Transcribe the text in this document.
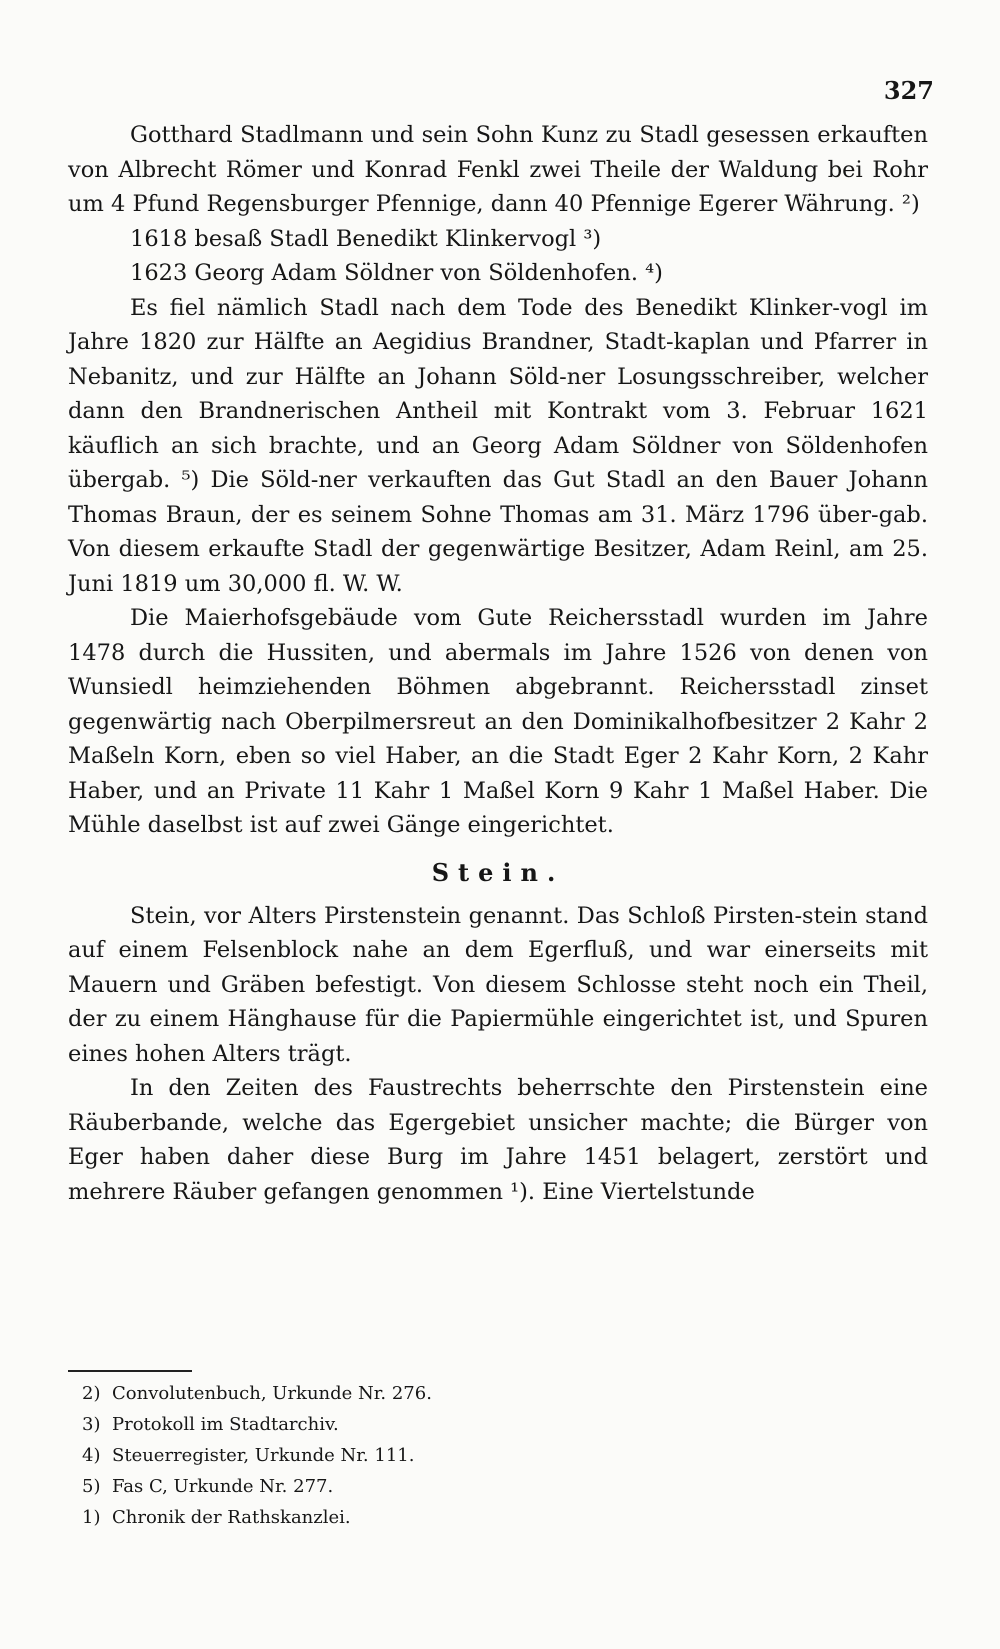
327

Gotthard Stadlmann und sein Sohn Kunz zu Stadl gesessen erkauften von Albrecht Römer und Konrad Fenkl zwei Theile der Waldung bei Rohr um 4 Pfund Regensburger Pfennige, dann 40 Pfennige Egerer Währung. ²)

1618 besaß Stadl Benedikt Klinkervogl ³)

1623 Georg Adam Söldner von Söldenhofen. ⁴)

Es fiel nämlich Stadl nach dem Tode des Benedikt Klinker-vogl im Jahre 1820 zur Hälfte an Aegidius Brandner, Stadt-kaplan und Pfarrer in Nebanitz, und zur Hälfte an Johann Söld-ner Losungsschreiber, welcher dann den Brandnerischen Antheil mit Kontrakt vom 3. Februar 1621 käuflich an sich brachte, und an Georg Adam Söldner von Söldenhofen übergab. ⁵) Die Söld-ner verkauften das Gut Stadl an den Bauer Johann Thomas Braun, der es seinem Sohne Thomas am 31. März 1796 über-gab. Von diesem erkaufte Stadl der gegenwärtige Besitzer, Adam Reinl, am 25. Juni 1819 um 30,000 fl. W. W.

Die Maierhofsgebäude vom Gute Reichersstadl wurden im Jahre 1478 durch die Hussiten, und abermals im Jahre 1526 von denen von Wunsiedl heimziehenden Böhmen abgebrannt. Reichersstadl zinset gegenwärtig nach Oberpilmersreut an den Dominikalhofbesitzer 2 Kahr 2 Maßeln Korn, eben so viel Haber, an die Stadt Eger 2 Kahr Korn, 2 Kahr Haber, und an Private 11 Kahr 1 Maßel Korn 9 Kahr 1 Maßel Haber. Die Mühle daselbst ist auf zwei Gänge eingerichtet.

Stein.

Stein, vor Alters Pirstenstein genannt. Das Schloß Pirsten-stein stand auf einem Felsenblock nahe an dem Egerfluß, und war einerseits mit Mauern und Gräben befestigt. Von diesem Schlosse steht noch ein Theil, der zu einem Hänghause für die Papiermühle eingerichtet ist, und Spuren eines hohen Alters trägt.

In den Zeiten des Faustrechts beherrschte den Pirstenstein eine Räuberbande, welche das Egergebiet unsicher machte; die Bürger von Eger haben daher diese Burg im Jahre 1451 belagert, zerstört und mehrere Räuber gefangen genommen ¹). Eine Viertelstunde

2) Convolutenbuch, Urkunde Nr. 276.

3) Protokoll im Stadtarchiv.

4) Steuerregister, Urkunde Nr. 111.

5) Fas C, Urkunde Nr. 277.

1) Chronik der Rathskanzlei.
